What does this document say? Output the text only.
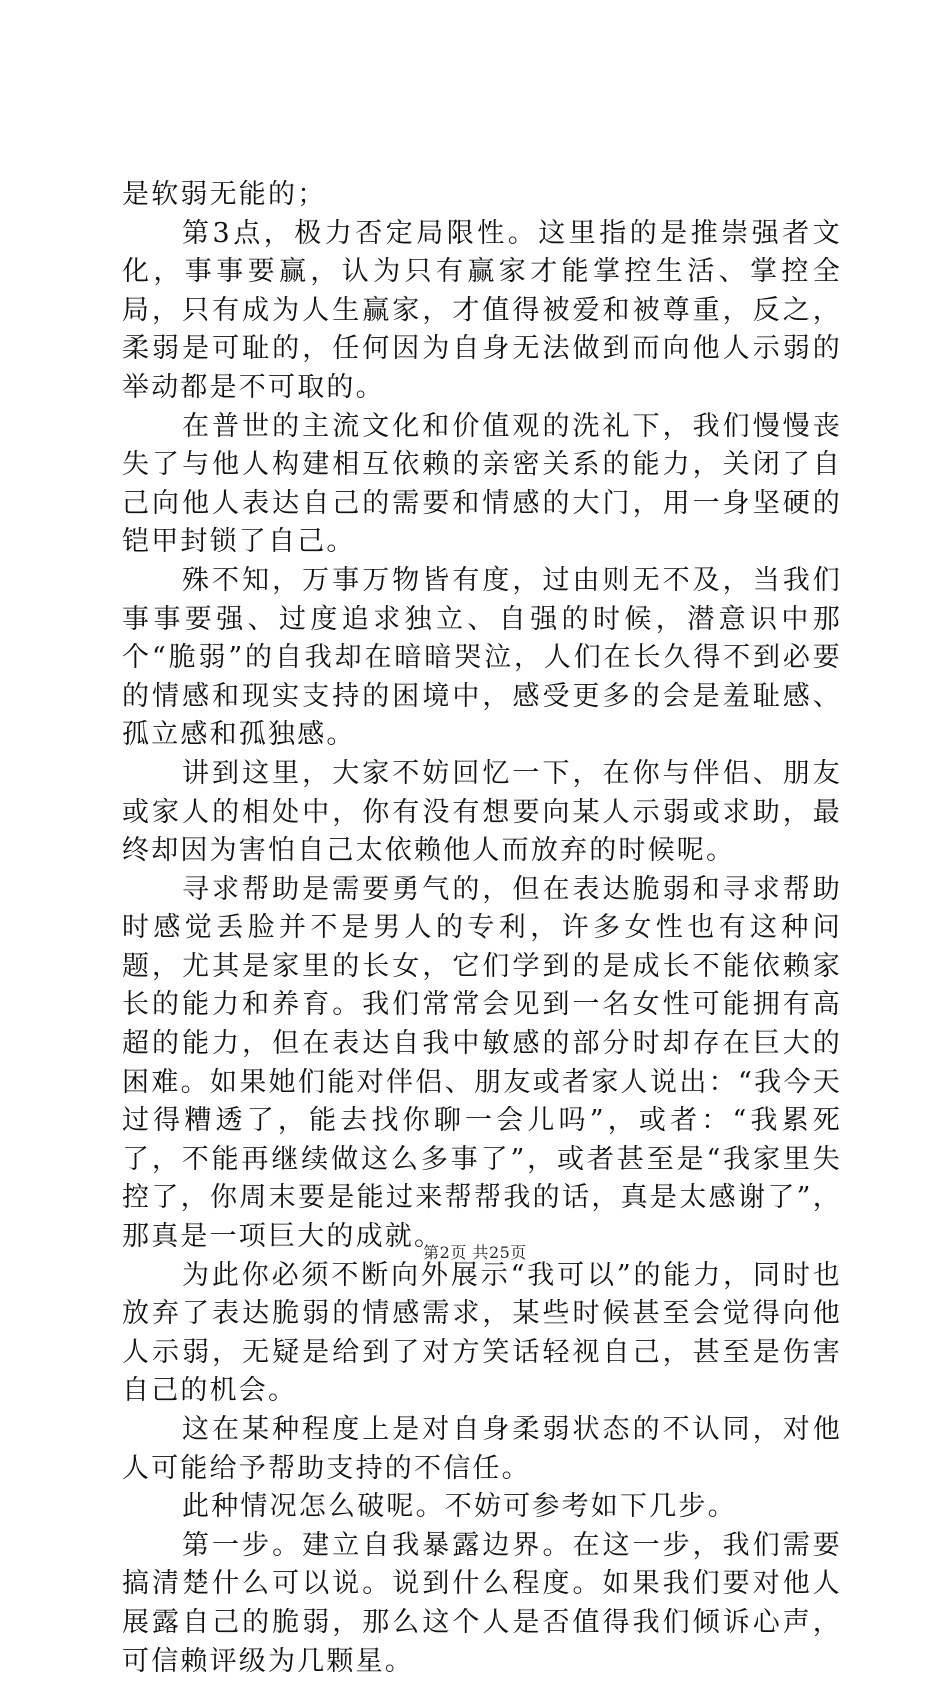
是软弱无能的；

第3点，极力否定局限性。这里指的是推崇强者文化，事事要赢，认为只有赢家才能掌控生活、掌控全局，只有成为人生赢家，才值得被爱和被尊重，反之，柔弱是可耻的，任何因为自身无法做到而向他人示弱的举动都是不可取的。

在普世的主流文化和价值观的洗礼下，我们慢慢丧失了与他人构建相互依赖的亲密关系的能力，关闭了自己向他人表达自己的需要和情感的大门，用一身坚硬的铠甲封锁了自己。

殊不知，万事万物皆有度，过由则无不及，当我们事事要强、过度追求独立、自强的时候，潜意识中那个“脆弱”的自我却在暗暗哭泣，人们在长久得不到必要的情感和现实支持的困境中，感受更多的会是羞耻感、孤立感和孤独感。

讲到这里，大家不妨回忆一下，在你与伴侣、朋友或家人的相处中，你有没有想要向某人示弱或求助，最终却因为害怕自己太依赖他人而放弃的时候呢。

寻求帮助是需要勇气的，但在表达脆弱和寻求帮助时感觉丢脸并不是男人的专利，许多女性也有这种问题，尤其是家里的长女，它们学到的是成长不能依赖家长的能力和养育。我们常常会见到一名女性可能拥有高超的能力，但在表达自我中敏感的部分时却存在巨大的困难。如果她们能对伴侣、朋友或者家人说出：“我今天过得糟透了，能去找你聊一会儿吗”，或者：“我累死了，不能再继续做这么多事了”，或者甚至是“我家里失控了，你周末要是能过来帮帮我的话，真是太感谢了”，那真是一项巨大的成就。

为此你必须不断向外展示“我可以”的能力，同时也放弃了表达脆弱的情感需求，某些时候甚至会觉得向他人示弱，无疑是给到了对方笑话轻视自己，甚至是伤害自己的机会。

这在某种程度上是对自身柔弱状态的不认同，对他人可能给予帮助支持的不信任。

此种情况怎么破呢。不妨可参考如下几步。

第一步。建立自我暴露边界。在这一步，我们需要搞清楚什么可以说。说到什么程度。如果我们要对他人展露自己的脆弱，那么这个人是否值得我们倾诉心声，可信赖评级为几颗星。

第2页 共25页
